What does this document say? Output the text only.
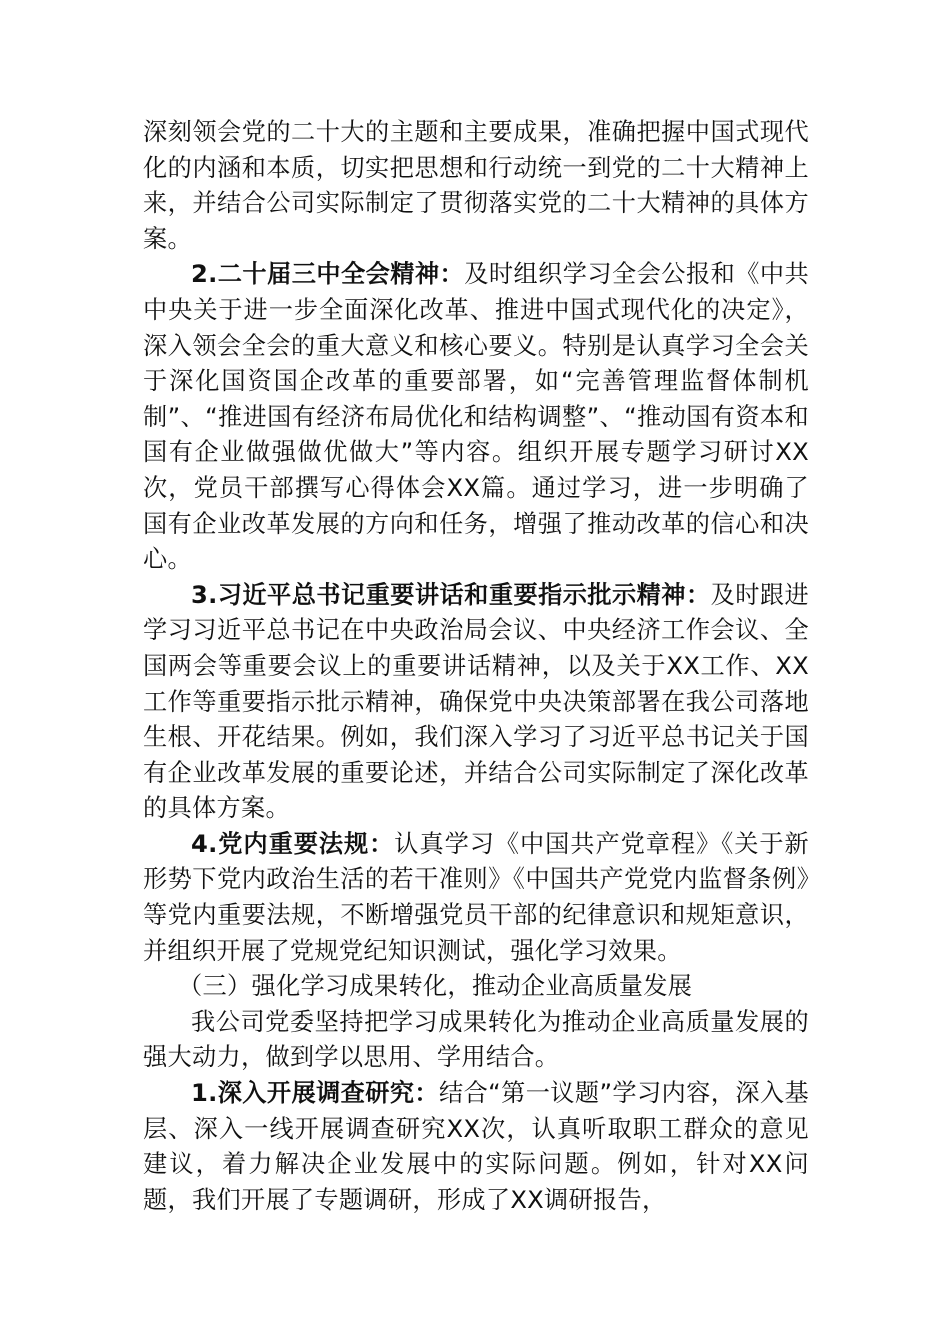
深刻领会党的二十大的主题和主要成果，准确把握中国式现代化的内涵和本质，切实把思想和行动统一到党的二十大精神上来，并结合公司实际制定了贯彻落实党的二十大精神的具体方案。

2.二十届三中全会精神：及时组织学习全会公报和《中共中央关于进一步全面深化改革、推进中国式现代化的决定》，深入领会全会的重大意义和核心要义。特别是认真学习全会关于深化国资国企改革的重要部署，如“完善管理监督体制机制”、“推进国有经济布局优化和结构调整”、“推动国有资本和国有企业做强做优做大”等内容。组织开展专题学习研讨XX次，党员干部撰写心得体会XX篇。通过学习，进一步明确了国有企业改革发展的方向和任务，增强了推动改革的信心和决心。

3.习近平总书记重要讲话和重要指示批示精神：及时跟进学习习近平总书记在中央政治局会议、中央经济工作会议、全国两会等重要会议上的重要讲话精神，以及关于XX工作、XX工作等重要指示批示精神，确保党中央决策部署在我公司落地生根、开花结果。例如，我们深入学习了习近平总书记关于国有企业改革发展的重要论述，并结合公司实际制定了深化改革的具体方案。

4.党内重要法规：认真学习《中国共产党章程》《关于新形势下党内政治生活的若干准则》《中国共产党党内监督条例》等党内重要法规，不断增强党员干部的纪律意识和规矩意识，并组织开展了党规党纪知识测试，强化学习效果。

（三）强化学习成果转化，推动企业高质量发展

我公司党委坚持把学习成果转化为推动企业高质量发展的强大动力，做到学以思用、学用结合。

1.深入开展调查研究：结合“第一议题”学习内容，深入基层、深入一线开展调查研究XX次，认真听取职工群众的意见建议，着力解决企业发展中的实际问题。例如，针对XX问题，我们开展了专题调研，形成了XX调研报告，
